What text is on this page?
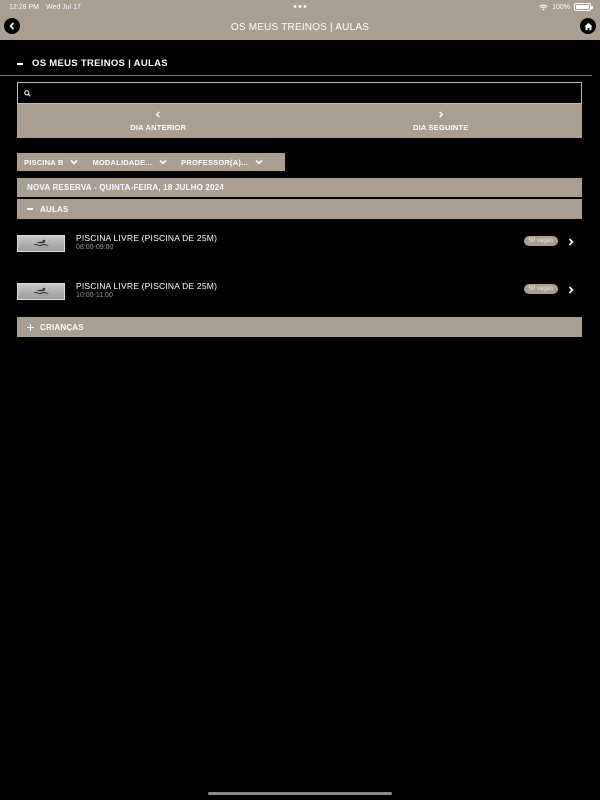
12:28 PM Wed Jul 17	100%
OS MEUS TREINOS | AULAS
OS MEUS TREINOS | AULAS
DIA ANTERIOR	DIA SEGUINTE
PISCINA B	MODALIDADE...	PROFESSOR(A)...
NOVA RESERVA - QUINTA-FEIRA, 18 JULHO 2024
AULAS
PISCINA LIVRE (PISCINA DE 25M)
08:00-09:00
50 vagas
PISCINA LIVRE (PISCINA DE 25M)
10:00-11:00
50 vagas
CRIANÇAS
